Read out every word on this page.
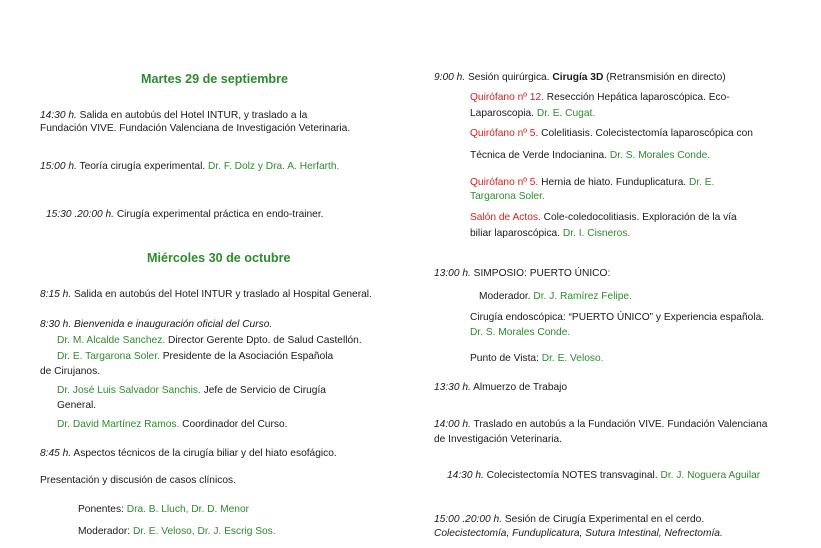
Martes 29 de septiembre
14:30 h. Salida en autobús del Hotel INTUR, y traslado a la
Fundación VIVE. Fundación Valenciana de Investigación Veterinaria.
15:00 h. Teoría cirugía experimental. Dr. F. Dolz y Dra. A. Herfarth.
15:30 .20:00 h. Cirugía experimental práctica en endo-trainer.
Miércoles 30 de octubre
8:15 h. Salida en autobús del Hotel INTUR y traslado al Hospital General.
8:30 h. Bienvenida e inauguración oficial del Curso.
Dr. M. Alcalde Sanchez. Director Gerente Dpto. de Salud Castellón.
Dr. E. Targarona Soler. Presidente de la Asociación Española
de Cirujanos.
Dr. José Luis Salvador Sanchis. Jefe de Servicio de Cirugía
General.
Dr. David Martínez Ramos. Coordinador del Curso.
8:45 h. Aspectos técnicos de la cirugía biliar y del hiato esofágico.
Presentación y discusión de casos clínicos.
Ponentes: Dra. B. Lluch, Dr. D. Menor
Moderador: Dr. E. Veloso, Dr. J. Escrig Sos.
9:00 h. Sesión quirúrgica. Cirugía 3D (Retransmisión en directo)
Quirófano nº 12. Resección Hepática laparoscópica. Eco-
Laparoscopia. Dr. E. Cugat.
Quirófano nº 5. Colelitiasis. Colecistectomía laparoscópica con
Técnica de Verde Indocianina. Dr. S. Morales Conde.
Quirófano nº 5. Hernia de hiato. Funduplicatura. Dr. E.
Targarona Soler.
Salón de Actos. Cole-coledocolitiasis. Exploración de la vía
biliar laparoscópica. Dr. I. Cisneros.
13:00 h. SIMPOSIO: PUERTO ÚNICO:
Moderador. Dr. J. Ramírez Felipe.
Cirugía endoscópica: “PUERTO ÚNICO” y Experiencia española.
Dr. S. Morales Conde.
Punto de Vista: Dr. E. Veloso.
13:30 h. Almuerzo de Trabajo
14:00 h. Traslado en autobús a la Fundación VIVE. Fundación Valenciana
de Investigación Veterinaria.
14:30 h. Colecistectomía NOTES transvaginal. Dr. J. Noguera Aguilar
15:00 .20:00 h. Sesión de Cirugía Experimental en el cerdo.
Colecistectomía, Funduplicatura, Sutura Intestinal, Nefrectomía.
